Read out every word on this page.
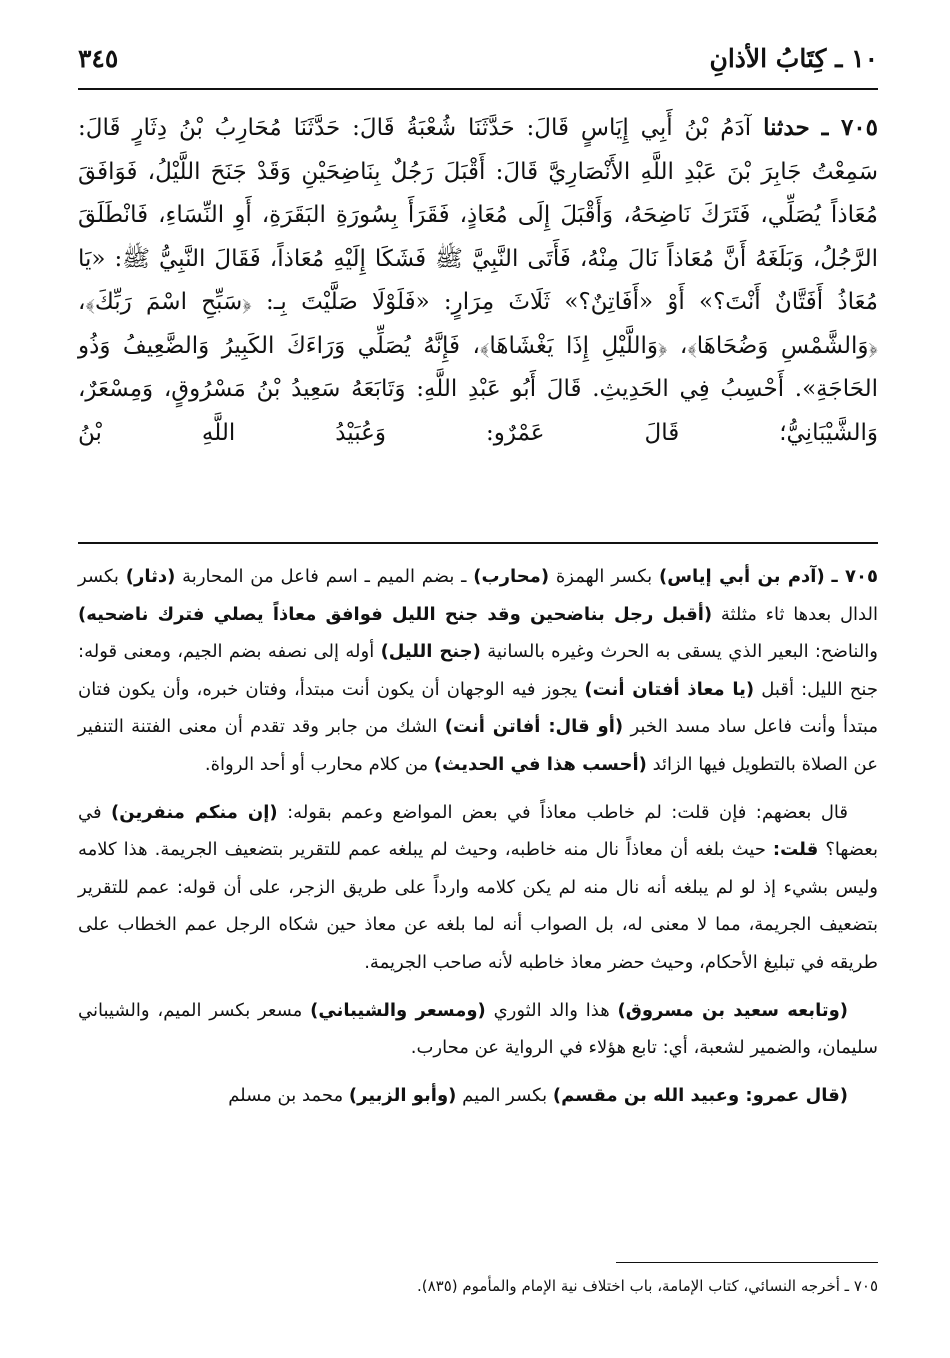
١٠ ـ كِتَابُ الأذانِ
٣٤٥
٧٠٥ ـ حدثنا آدَمُ بْنُ أَبِي إِيَاسٍ قَالَ: حَدَّثَنَا شُعْبَةُ قَالَ: حَدَّثَنَا مُحَارِبُ بْنُ دِثَارٍ قَالَ: سَمِعْتُ جَابِرَ بْنَ عَبْدِ اللَّهِ الأَنْصَارِيَّ قَالَ: أَقْبَلَ رَجُلٌ بِنَاضِحَيْنِ وَقَدْ جَنَحَ اللَّيْلُ، فَوَافَقَ مُعَاذاً يُصَلِّي، فَتَرَكَ نَاضِحَهُ، وَأَقْبَلَ إِلَى مُعَاذٍ، فَقَرَأَ بِسُورَةِ البَقَرَةِ، أَوِ النِّسَاءِ، فَانْطَلَقَ الرَّجُلُ، وَبَلَغَهُ أَنَّ مُعَاذاً نَالَ مِنْهُ، فَأَتَى النَّبِيَّ ﷺ فَشَكَا إِلَيْهِ مُعَاذاً، فَقَالَ النَّبِيُّ ﷺ: «يَا مُعَاذُ أَفَتَّانٌ أَنْتَ؟» أَوْ «أَفَاتِنٌ؟» ثَلَاثَ مِرَارٍ: «فَلَوْلَا صَلَّيْتَ بِـ: ﴿سَبِّحِ اسْمَ رَبِّكَ﴾، ﴿وَالشَّمْسِ وَضُحَاهَا﴾، ﴿وَاللَّيْلِ إِذَا يَغْشَاهَا﴾، فَإِنَّهُ يُصَلِّي وَرَاءَكَ الكَبِيرُ وَالضَّعِيفُ وَذُو الحَاجَةِ». أَحْسِبُ فِي الحَدِيثِ. قَالَ أَبُو عَبْدِ اللَّهِ: وَتَابَعَهُ سَعِيدُ بْنُ مَسْرُوقٍ، وَمِسْعَرٌ، وَالشَّيْبَانِيُّ؛ قَالَ عَمْرٌو: وَعُبَيْدُ اللَّهِ بْنُ

٧٠٥ ـ (آدم بن أبي إياس) بكسر الهمزة (محارب) ـ بضم الميم ـ اسم فاعل من المحاربة (دثار) بكسر الدال بعدها ثاء مثلثة (أقبل رجل بناضحين وقد جنح الليل فوافق معاذاً يصلي فترك ناضحيه) والناضح: البعير الذي يسقى به الحرث وغيره بالسانية (جنح الليل) أوله إلى نصفه بضم الجيم، ومعنى قوله: جنح الليل: أقبل (يا معاذ أفتان أنت) يجوز فيه الوجهان أن يكون أنت مبتدأ، وفتان خبره، وأن يكون فتان مبتدأ وأنت فاعل ساد مسد الخبر (أو قال: أفاتن أنت) الشك من جابر وقد تقدم أن معنى الفتنة التنفير عن الصلاة بالتطويل فيها الزائد (أحسب هذا في الحديث) من كلام محارب أو أحد الرواة.

قال بعضهم: فإن قلت: لم خاطب معاذاً في بعض المواضع وعمم بقوله: (إن منكم منفرين) في بعضها؟ قلت: حيث بلغه أن معاذاً نال منه خاطبه، وحيث لم يبلغه عمم للتقرير بتضعيف الجريمة. هذا كلامه وليس بشيء إذ لو لم يبلغه أنه نال منه لم يكن كلامه وارداً على طريق الزجر، على أن قوله: عمم للتقرير بتضعيف الجريمة، مما لا معنى له، بل الصواب أنه لما بلغه عن معاذ حين شكاه الرجل عمم الخطاب على طريقه في تبليغ الأحكام، وحيث حضر معاذ خاطبه لأنه صاحب الجريمة.

(وتابعه سعيد بن مسروق) هذا والد الثوري (ومسعر والشيباني) مسعر بكسر الميم، والشيباني سليمان، والضمير لشعبة، أي: تابع هؤلاء في الرواية عن محارب.

(قال عمرو: وعبيد الله بن مقسم) بكسر الميم (وأبو الزبير) محمد بن مسلم

٧٠٥ ـ أخرجه النسائي، كتاب الإمامة، باب اختلاف نية الإمام والمأموم (٨٣٥).
